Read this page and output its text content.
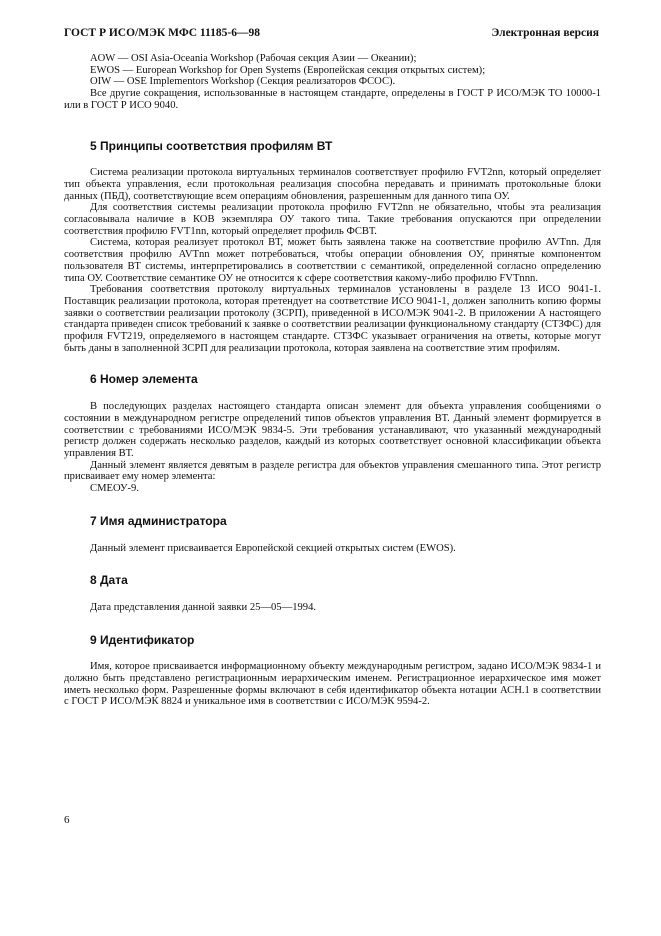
ГОСТ Р ИСО/МЭК МФС 11185-6—98	Электронная версия

AOW — OSI Asia-Oceania Workshop (Рабочая секция Азии — Океании);

EWOS — European Workshop for Open Systems (Европейская секция открытых систем);

OIW — OSE Implementors Workshop (Секция реализаторов ФСОС).

Все другие сокращения, использованные в настоящем стандарте, определены в ГОСТ Р ИСО/МЭК ТО 10000-1 или в ГОСТ Р ИСО 9040.

5 Принципы соответствия профилям ВТ

Система реализации протокола виртуальных терминалов соответствует профилю FVT2nn, который определяет тип объекта управления, если протокольная реализация способна передавать и принимать протокольные блоки данных (ПБД), соответствующие всем операциям обновления, разрешенным для данного типа ОУ.

Для соответствия системы реализации протокола профилю FVT2nn не обязательно, чтобы эта реализация согласовывала наличие в КОВ экземпляра ОУ такого типа. Такие требования опускаются при определении соответствия профилю FVT1nn, который определяет профиль ФСВТ.

Система, которая реализует протокол ВТ, может быть заявлена также на соответствие профилю AVTnn. Для соответствия профилю AVTnn может потребоваться, чтобы операции обновления ОУ, принятые компонентом пользователя ВТ системы, интерпретировались в соответствии с семантикой, определенной согласно определению типа ОУ. Соответствие семантике ОУ не относится к сфере соответствия какому-либо профилю FVTnnn.

Требования соответствия протоколу виртуальных терминалов установлены в разделе 13 ИСО 9041-1. Поставщик реализации протокола, которая претендует на соответствие ИСО 9041-1, должен заполнить копию формы заявки о соответствии реализации протоколу (ЗСРП), приведенной в ИСО/МЭК 9041-2. В приложении А настоящего стандарта приведен список требований к заявке о соответствии реализации функциональному стандарту (СТЗФС) для профиля FVT219, определяемого в настоящем стандарте. СТЗФС указывает ограничения на ответы, которые могут быть даны в заполненной ЗСРП для реализации протокола, которая заявлена на соответствие этим профилям.

6 Номер элемента

В последующих разделах настоящего стандарта описан элемент для объекта управления сообщениями о состоянии в международном регистре определений типов объектов управления ВТ. Данный элемент формируется в соответствии с требованиями ИСО/МЭК 9834-5. Эти требования устанавливают, что указанный международный регистр должен содержать несколько разделов, каждый из которых соответствует основной классификации объекта управления ВТ.

Данный элемент является девятым в разделе регистра для объектов управления смешанного типа. Этот регистр присваивает ему номер элемента:

СМЕОУ-9.

7 Имя администратора

Данный элемент присваивается Европейской секцией открытых систем (EWOS).

8 Дата

Дата представления данной заявки 25—05—1994.

9 Идентификатор

Имя, которое присваивается информационному объекту международным регистром, задано ИСО/МЭК 9834-1 и должно быть представлено регистрационным иерархическим именем. Регистрационное иерархическое имя может иметь несколько форм. Разрешенные формы включают в себя идентификатор объекта нотации АСН.1 в соответствии с ГОСТ Р ИСО/МЭК 8824 и уникальное имя в соответствии с ИСО/МЭК 9594-2.

6
